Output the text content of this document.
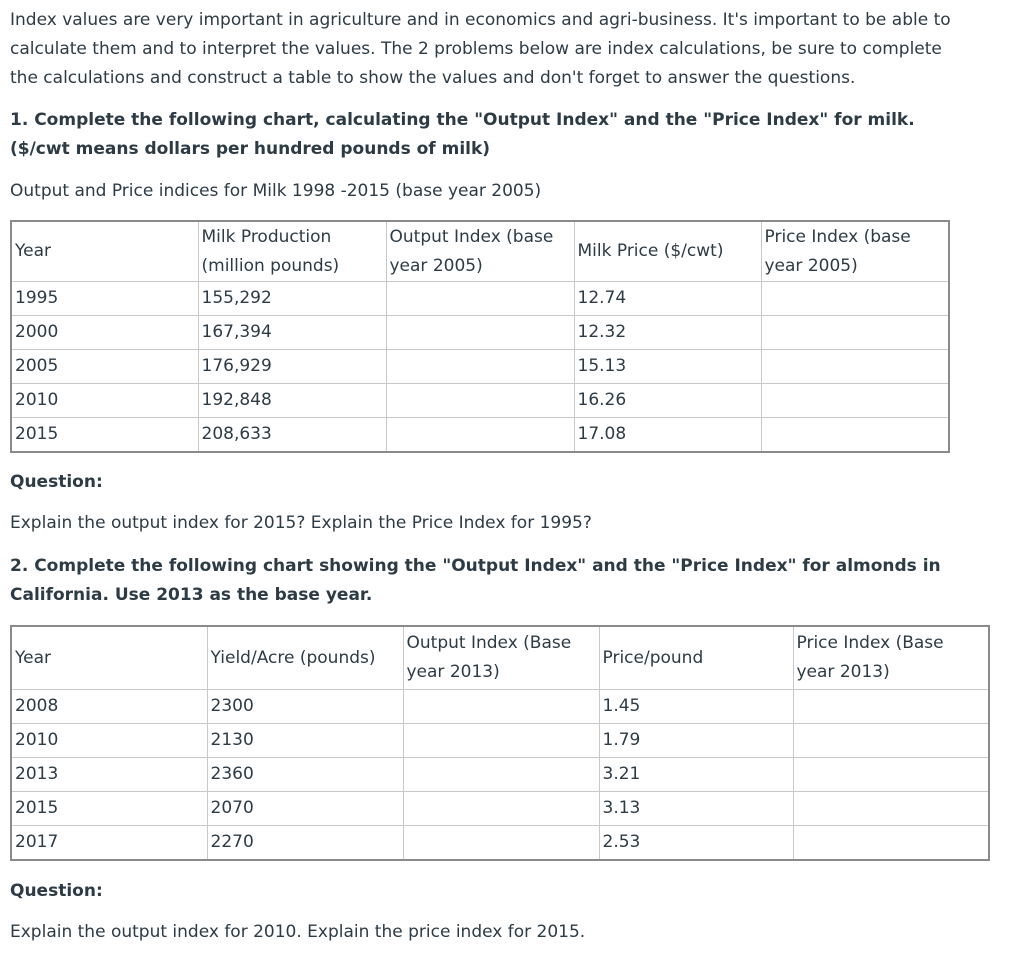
Index values are very important in agriculture and in economics and agri-business. It's important to be able to calculate them and to interpret the values. The 2 problems below are index calculations, be sure to complete the calculations and construct a table to show the values and don't forget to answer the questions.

1. Complete the following chart, calculating the "Output Index" and the "Price Index" for milk. ($/cwt means dollars per hundred pounds of milk)

Output and Price indices for Milk 1998 -2015 (base year 2005)

Year	Milk Production (million pounds)	Output Index (base year 2005)	Milk Price ($/cwt)	Price Index (base year 2005)
1995	155,292		12.74	
2000	167,394		12.32	
2005	176,929		15.13	
2010	192,848		16.26	
2015	208,633		17.08	

Question:

Explain the output index for 2015? Explain the Price Index for 1995?

2. Complete the following chart showing the "Output Index" and the "Price Index" for almonds in California. Use 2013 as the base year.

Year	Yield/Acre (pounds)	Output Index (Base year 2013)	Price/pound	Price Index (Base year 2013)
2008	2300		1.45	
2010	2130		1.79	
2013	2360		3.21	
2015	2070		3.13	
2017	2270		2.53	

Question:

Explain the output index for 2010. Explain the price index for 2015.
